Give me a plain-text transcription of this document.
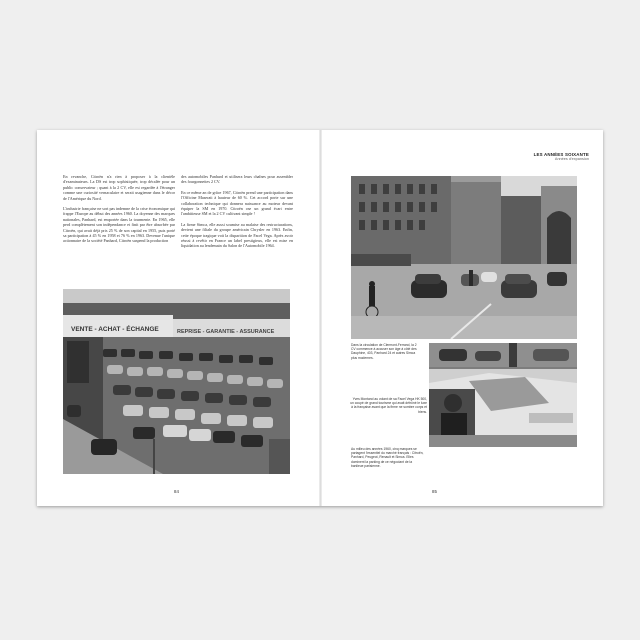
LES ANNÉES SOIXANTE
Années d'expansion

En revanche, Citroën n'a rien à proposer à la clientèle d'examinateurs. La DS est trop sophistiquée, trop décalée pour un public conservateur ; quant à la 2 CV, elle est regardée à l'étranger comme une curiosité vernaculaire et serait usagienne dans le décor de l'Amérique du Nord.

L'industrie française ne sort pas indemne de la crise économique qui frappe l'Europe au début des années 1960. La doyenne des marques nationales, Panhard, est emportée dans la tourmente. En 1965, elle perd complètement son indépendance et finit par être absorbée par Citroën, qui avait déjà pris 25 % de son capital en 1955, puis porté sa participation à 45 % en 1958 et 76 % en 1963. Devenue l'unique actionnaire de la société Panhard, Citroën suspend la production

des automobiles Panhard et utilisera leurs chaînes pour assembler des fourgonnettes 2 CV.

En ce même an de grâce 1967, Citroën prend une participation dans l'Officine Maserati à hauteur de 60 %. Cet accord porte sur une collaboration technique qui donnera naissance au moteur devant équiper la SM en 1970. Citroën ose un grand écart entre l'ambitieuse SM et la 2 CV cultivant simple !

La firme Simca, elle aussi soumise au malaise des restructurations, devient une filiale du groupe américain Chrysler en 1963. Enfin, cette époque tragique voit la disparition de Facel Vega. Après avoir réussi à revêtir en France un label prestigieux, elle est mise en liquidation au lendemain du Salon de l'Automobile 1964.

VENTE - ACHAT - ÉCHANGE	REPRISE - GARANTIE - ASSURANCE
Dans la circulation de Clermont-Ferrand, la 2 CV commence à accuser son âge à côté des Dauphine, 403, Panhard 24 et autres Simca plus modernes.
Yves Montand au volant de sa Facel Vega HK 500, un coupé de grand tourisme qui avait détrôné le luxe à la française avant que la firme ne sombre corps et biens.
Au milieu des années 1960, cinq marques se partagent l'essentiel du marché français : Citroën, Panhard, Peugeot, Renault et Simca. Elles dominent la parking de ce négociant de la banlieue parisienne.
84	85
